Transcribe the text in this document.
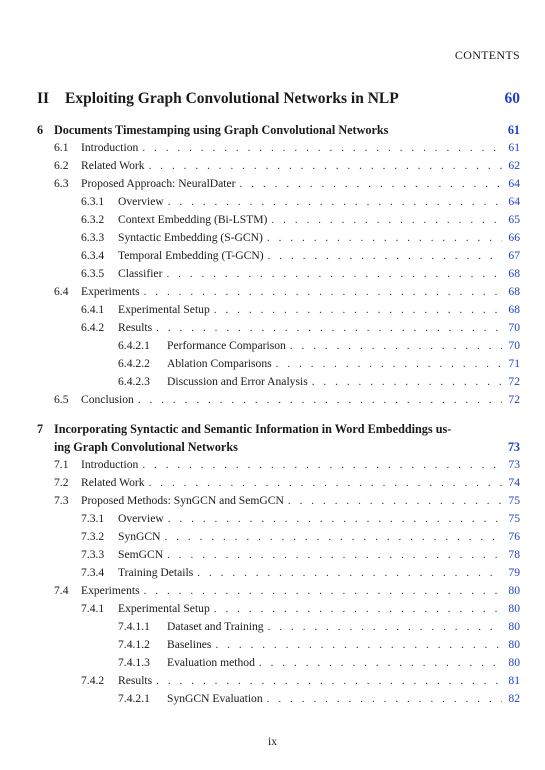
CONTENTS
II	Exploiting Graph Convolutional Networks in NLP	60
6 Documents Timestamping using Graph Convolutional Networks	61
6.1	Introduction . . .	61
6.2	Related Work . . .	62
6.3	Proposed Approach: NeuralDater . . .	64
6.3.1	Overview . . .	64
6.3.2	Context Embedding (Bi-LSTM) . . .	65
6.3.3	Syntactic Embedding (S-GCN) . . .	66
6.3.4	Temporal Embedding (T-GCN) . . .	67
6.3.5	Classifier . . .	68
6.4	Experiments . . .	68
6.4.1	Experimental Setup . . .	68
6.4.2	Results . . .	70
6.4.2.1	Performance Comparison . . .	70
6.4.2.2	Ablation Comparisons . . .	71
6.4.2.3	Discussion and Error Analysis . . .	72
6.5	Conclusion . . .	72
7 Incorporating Syntactic and Semantic Information in Word Embeddings us-
ing Graph Convolutional Networks	73
7.1	Introduction . . .	73
7.2	Related Work . . .	74
7.3	Proposed Methods: SynGCN and SemGCN . . .	75
7.3.1	Overview . . .	75
7.3.2	SynGCN . . .	76
7.3.3	SemGCN . . .	78
7.3.4	Training Details . . .	79
7.4	Experiments . . .	80
7.4.1	Experimental Setup . . .	80
7.4.1.1	Dataset and Training . . .	80
7.4.1.2	Baselines . . .	80
7.4.1.3	Evaluation method . . .	80
7.4.2	Results . . .	81
7.4.2.1	SynGCN Evaluation . . .	82
ix
